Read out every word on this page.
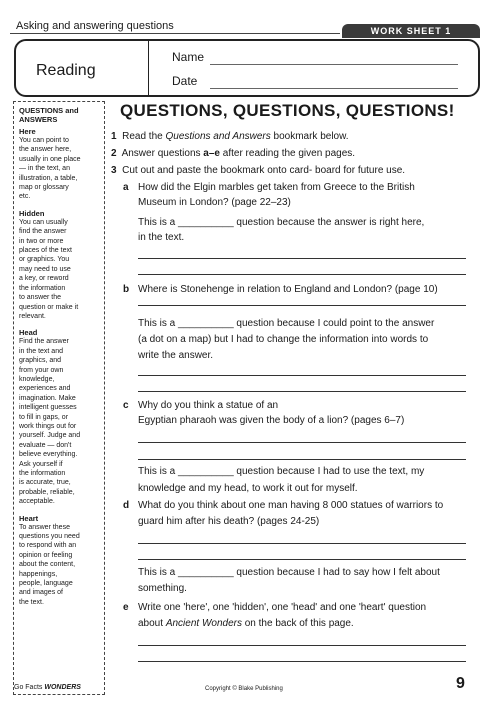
Asking and answering questions	WORK SHEET 1
Reading
Name
Date

QUESTIONS and

ANSWERS

Here

You can point to
the answer here,
usually in one place
— in the text, an
illustration, a table,
map or glossary
etc.

Hidden

You can usually
find the answer
in two or more
places of the text
or graphics. You
may need to use
a key, or reword
the information
to answer the
question or make it
relevant.

Head

Find the answer
in the text and
graphics, and
from your own
knowledge,
experiences and
imagination. Make
intelligent guesses
to fill in gaps, or
work things out for
yourself. Judge and
evaluate — don't
believe everything.
Ask yourself if
the information
is accurate, true,
probable, reliable,
acceptable.

Heart

To answer these
questions you need
to respond with an
opinion or feeling
about the content,
happenings,
people, language
and images of
the text.

QUESTIONS, QUESTIONS, QUESTIONS!
1 Read the Questions and Answers bookmark below.
2 Answer questions a–e after reading the given pages.
3 Cut out and paste the bookmark onto card- board for future use.
a How did the Elgin marbles get taken from Greece to the British
Museum in London? (page 22–23)
This is a __________ question because the answer is right here,
in the text.
b Where is Stonehenge in relation to England and London? (page 10)
This is a __________ question because I could point to the answer
(a dot on a map) but I had to change the information into words to
write the answer.
c Why do you think a statue of an
Egyptian pharaoh was given the body of a lion? (pages 6–7)
This is a __________ question because I had to use the text, my
knowledge and my head, to work it out for myself.
d What do you think about one man having 8 000 statues of warriors to
guard him after his death? (pages 24-25)
This is a __________ question because I had to say how I felt about
something.
e Write one 'here', one 'hidden', one 'head' and one 'heart' question
about Ancient Wonders on the back of this page.
Go Facts WONDERS	Copyright © Blake Publishing	9
